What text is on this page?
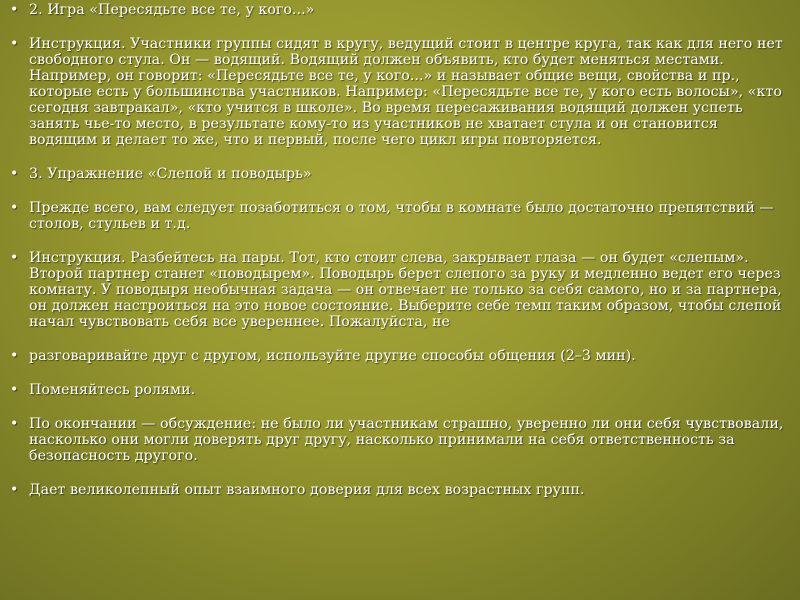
• 2. Игра «Пересядьте все те, у кого...»
• Инструкция. Участники группы сидят в кругу, ведущий стоит в центре круга, так как для него нет свободного стула. Он — водящий. Водящий должен объявить, кто будет меняться местами. Например, он говорит: «Пересядьте все те, у кого...» и называет общие вещи, свойства и пр., которые есть у большинства участников. Например: «Пересядьте все те, у кого есть волосы», «кто сегодня завтракал», «кто учится в школе». Во время пересаживания водящий должен успеть занять чье-то место, в результате кому-то из участников не хватает стула и он становится водящим и делает то же, что и первый, после чего цикл игры повторяется.
• 3. Упражнение «Слепой и поводырь»
• Прежде всего, вам следует позаботиться о том, чтобы в комнате было достаточно препятствий — столов, стульев и т.д.
• Инструкция. Разбейтесь на пары. Тот, кто стоит слева, закрывает глаза — он будет «слепым». Второй партнер станет «поводырем». Поводырь берет слепого за руку и медленно ведет его через комнату. У поводыря необычная задача — он отвечает не только за себя самого, но и за партнера, он должен настроиться на это новое состояние. Выберите себе темп таким образом, чтобы слепой начал чувствовать себя все увереннее. Пожалуйста, не
• разговаривайте друг с другом, используйте другие способы общения (2–3 мин).
• Поменяйтесь ролями.
• По окончании — обсуждение: не было ли участникам страшно, уверенно ли они себя чувствовали, насколько они могли доверять друг другу, насколько принимали на себя ответственность за безопасность другого.
• Дает великолепный опыт взаимного доверия для всех возрастных групп.
